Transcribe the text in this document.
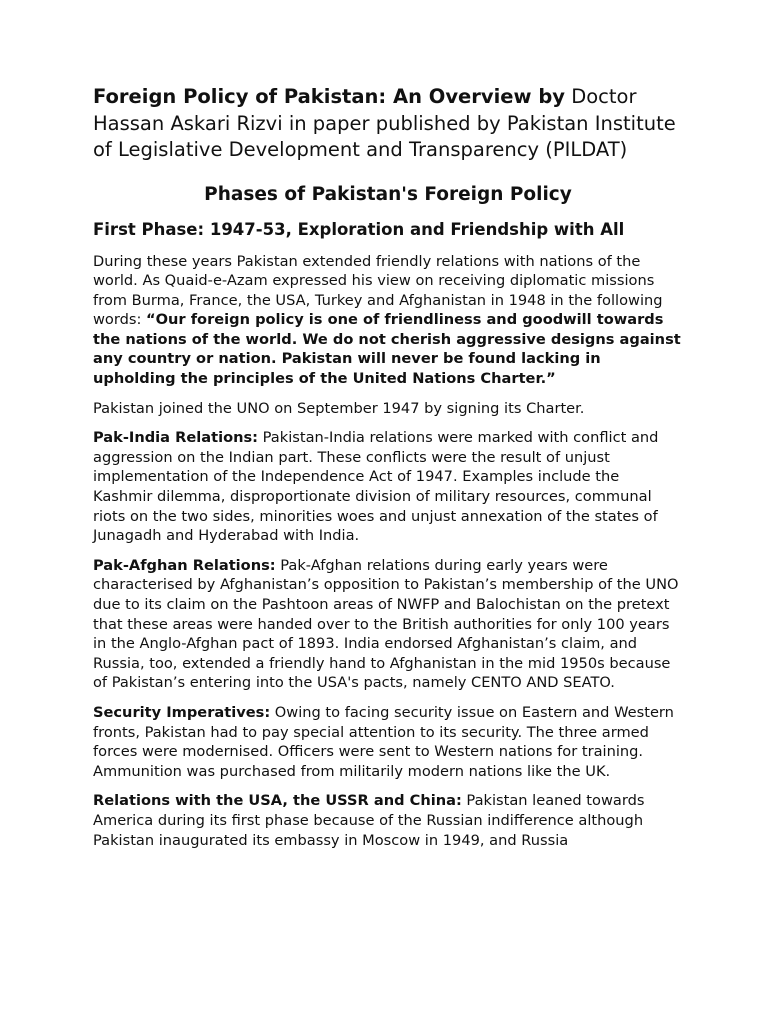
Foreign Policy of Pakistan: An Overview by Doctor Hassan Askari Rizvi in paper published by Pakistan Institute of Legislative Development and Transparency (PILDAT)
Phases of Pakistan's Foreign Policy
First Phase: 1947-53, Exploration and Friendship with All

During these years Pakistan extended friendly relations with nations of the world. As Quaid-e-Azam expressed his view on receiving diplomatic missions from Burma, France, the USA, Turkey and Afghanistan in 1948 in the following words: “Our foreign policy is one of friendliness and goodwill towards the nations of the world. We do not cherish aggressive designs against any country or nation. Pakistan will never be found lacking in upholding the principles of the United Nations Charter.”

Pakistan joined the UNO on September 1947 by signing its Charter.

Pak-India Relations: Pakistan-India relations were marked with conflict and aggression on the Indian part. These conflicts were the result of unjust implementation of the Independence Act of 1947. Examples include the Kashmir dilemma, disproportionate division of military resources, communal riots on the two sides, minorities woes and unjust annexation of the states of Junagadh and Hyderabad with India.

Pak-Afghan Relations: Pak-Afghan relations during early years were characterised by Afghanistan’s opposition to Pakistan’s membership of the UNO due to its claim on the Pashtoon areas of NWFP and Balochistan on the pretext that these areas were handed over to the British authorities for only 100 years in the Anglo-Afghan pact of 1893. India endorsed Afghanistan’s claim, and Russia, too, extended a friendly hand to Afghanistan in the mid 1950s because of Pakistan’s entering into the USA's pacts, namely CENTO AND SEATO.

Security Imperatives: Owing to facing security issue on Eastern and Western fronts, Pakistan had to pay special attention to its security. The three armed forces were modernised. Officers were sent to Western nations for training. Ammunition was purchased from militarily modern nations like the UK.

Relations with the USA, the USSR and China: Pakistan leaned towards America during its first phase because of the Russian indifference although Pakistan inaugurated its embassy in Moscow in 1949, and Russia
